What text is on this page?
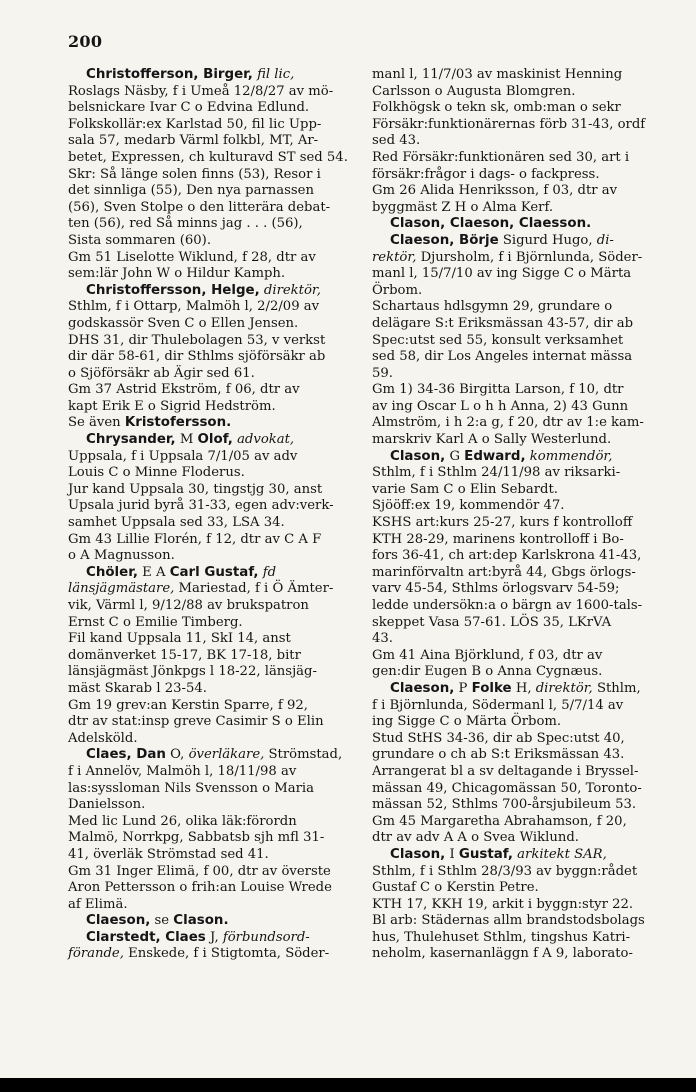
200
Christofferson, Birger, fil lic,
Roslags Näsby, f i Umeå 12/8/27 av mö-
belsnickare Ivar C o Edvina Edlund.
Folkskollär:ex Karlstad 50, fil lic Upp-
sala 57, medarb Värml folkbl, MT, Ar-
betet, Expressen, ch kulturavd ST sed 54.
Skr: Så länge solen finns (53), Resor i
det sinnliga (55), Den nya parnassen
(56), Sven Stolpe o den litterära debat-
ten (56), red Så minns jag . . . (56),
Sista sommaren (60).
Gm 51 Liselotte Wiklund, f 28, dtr av
sem:lär John W o Hildur Kamph.
Christoffersson, Helge, direktör,
Sthlm, f i Ottarp, Malmöh l, 2/2/09 av
godskassör Sven C o Ellen Jensen.
DHS 31, dir Thulebolagen 53, v verkst
dir där 58-61, dir Sthlms sjöförsäkr ab
o Sjöförsäkr ab Ägir sed 61.
Gm 37 Astrid Ekström, f 06, dtr av
kapt Erik E o Sigrid Hedström.
Se även Kristofersson.
Chrysander, M Olof, advokat,
Uppsala, f i Uppsala 7/1/05 av adv
Louis C o Minne Floderus.
Jur kand Uppsala 30, tingstjg 30, anst
Upsala jurid byrå 31-33, egen adv:verk-
samhet Uppsala sed 33, LSA 34.
Gm 43 Lillie Florén, f 12, dtr av C A F
o A Magnusson.
Chöler, E A Carl Gustaf, fd
länsjägmästare, Mariestad, f i Ö Ämter-
vik, Värml l, 9/12/88 av brukspatron
Ernst C o Emilie Timberg.
Fil kand Uppsala 11, SkI 14, anst
domänverket 15-17, BK 17-18, bitr
länsjägmäst Jönkpgs l 18-22, länsjäg-
mäst Skarab l 23-54.
Gm 19 grev:an Kerstin Sparre, f 92,
dtr av stat:insp greve Casimir S o Elin
Adelsköld.
Claes, Dan O, överläkare, Strömstad,
f i Annelöv, Malmöh l, 18/11/98 av
las:syssloman Nils Svensson o Maria
Danielsson.
Med lic Lund 26, olika läk:förordn
Malmö, Norrkpg, Sabbatsb sjh mfl 31-
41, överläk Strömstad sed 41.
Gm 31 Inger Elimä, f 00, dtr av överste
Aron Pettersson o frih:an Louise Wrede
af Elimä.
Claeson, se Clason.
Clarstedt, Claes J, förbundsord-
förande, Enskede, f i Stigtomta, Söder-
manl l, 11/7/03 av maskinist Henning
Carlsson o Augusta Blomgren.
Folkhögsk o tekn sk, omb:man o sekr
Försäkr:funktionärernas förb 31-43, ordf
sed 43.
Red Försäkr:funktionären sed 30, art i
försäkr:frågor i dags- o fackpress.
Gm 26 Alida Henriksson, f 03, dtr av
byggmäst Z H o Alma Kerf.
Clason, Claeson, Claesson.
Claeson, Börje Sigurd Hugo, di-
rektör, Djursholm, f i Björnlunda, Söder-
manl l, 15/7/10 av ing Sigge C o Märta
Örbom.
Schartaus hdlsgymn 29, grundare o
delägare S:t Eriksmässan 43-57, dir ab
Spec:utst sed 55, konsult verksamhet
sed 58, dir Los Angeles internat mässa
59.
Gm 1) 34-36 Birgitta Larson, f 10, dtr
av ing Oscar L o h h Anna, 2) 43 Gunn
Almström, i h 2:a g, f 20, dtr av 1:e kam-
marskriv Karl A o Sally Westerlund.
Clason, G Edward, kommendör,
Sthlm, f i Sthlm 24/11/98 av riksarki-
varie Sam C o Elin Sebardt.
Sjööff:ex 19, kommendör 47.
KSHS art:kurs 25-27, kurs f kontrolloff
KTH 28-29, marinens kontrolloff i Bo-
fors 36-41, ch art:dep Karlskrona 41-43,
marinförvaltn art:byrå 44, Gbgs örlogs-
varv 45-54, Sthlms örlogsvarv 54-59;
ledde undersökn:a o bärgn av 1600-tals-
skeppet Vasa 57-61. LÖS 35, LKrVA
43.
Gm 41 Aina Björklund, f 03, dtr av
gen:dir Eugen B o Anna Cygnæus.
Claeson, P Folke H, direktör, Sthlm,
f i Björnlunda, Södermanl l, 5/7/14 av
ing Sigge C o Märta Örbom.
Stud StHS 34-36, dir ab Spec:utst 40,
grundare o ch ab S:t Eriksmässan 43.
Arrangerat bl a sv deltagande i Bryssel-
mässan 49, Chicagomässan 50, Toronto-
mässan 52, Sthlms 700-årsjubileum 53.
Gm 45 Margaretha Abrahamson, f 20,
dtr av adv A A o Svea Wiklund.
Clason, I Gustaf, arkitekt SAR,
Sthlm, f i Sthlm 28/3/93 av byggn:rådet
Gustaf C o Kerstin Petre.
KTH 17, KKH 19, arkit i byggn:styr 22.
Bl arb: Städernas allm brandstodsbolags
hus, Thulehuset Sthlm, tingshus Katri-
neholm, kasernanläggn f A 9, laborato-
